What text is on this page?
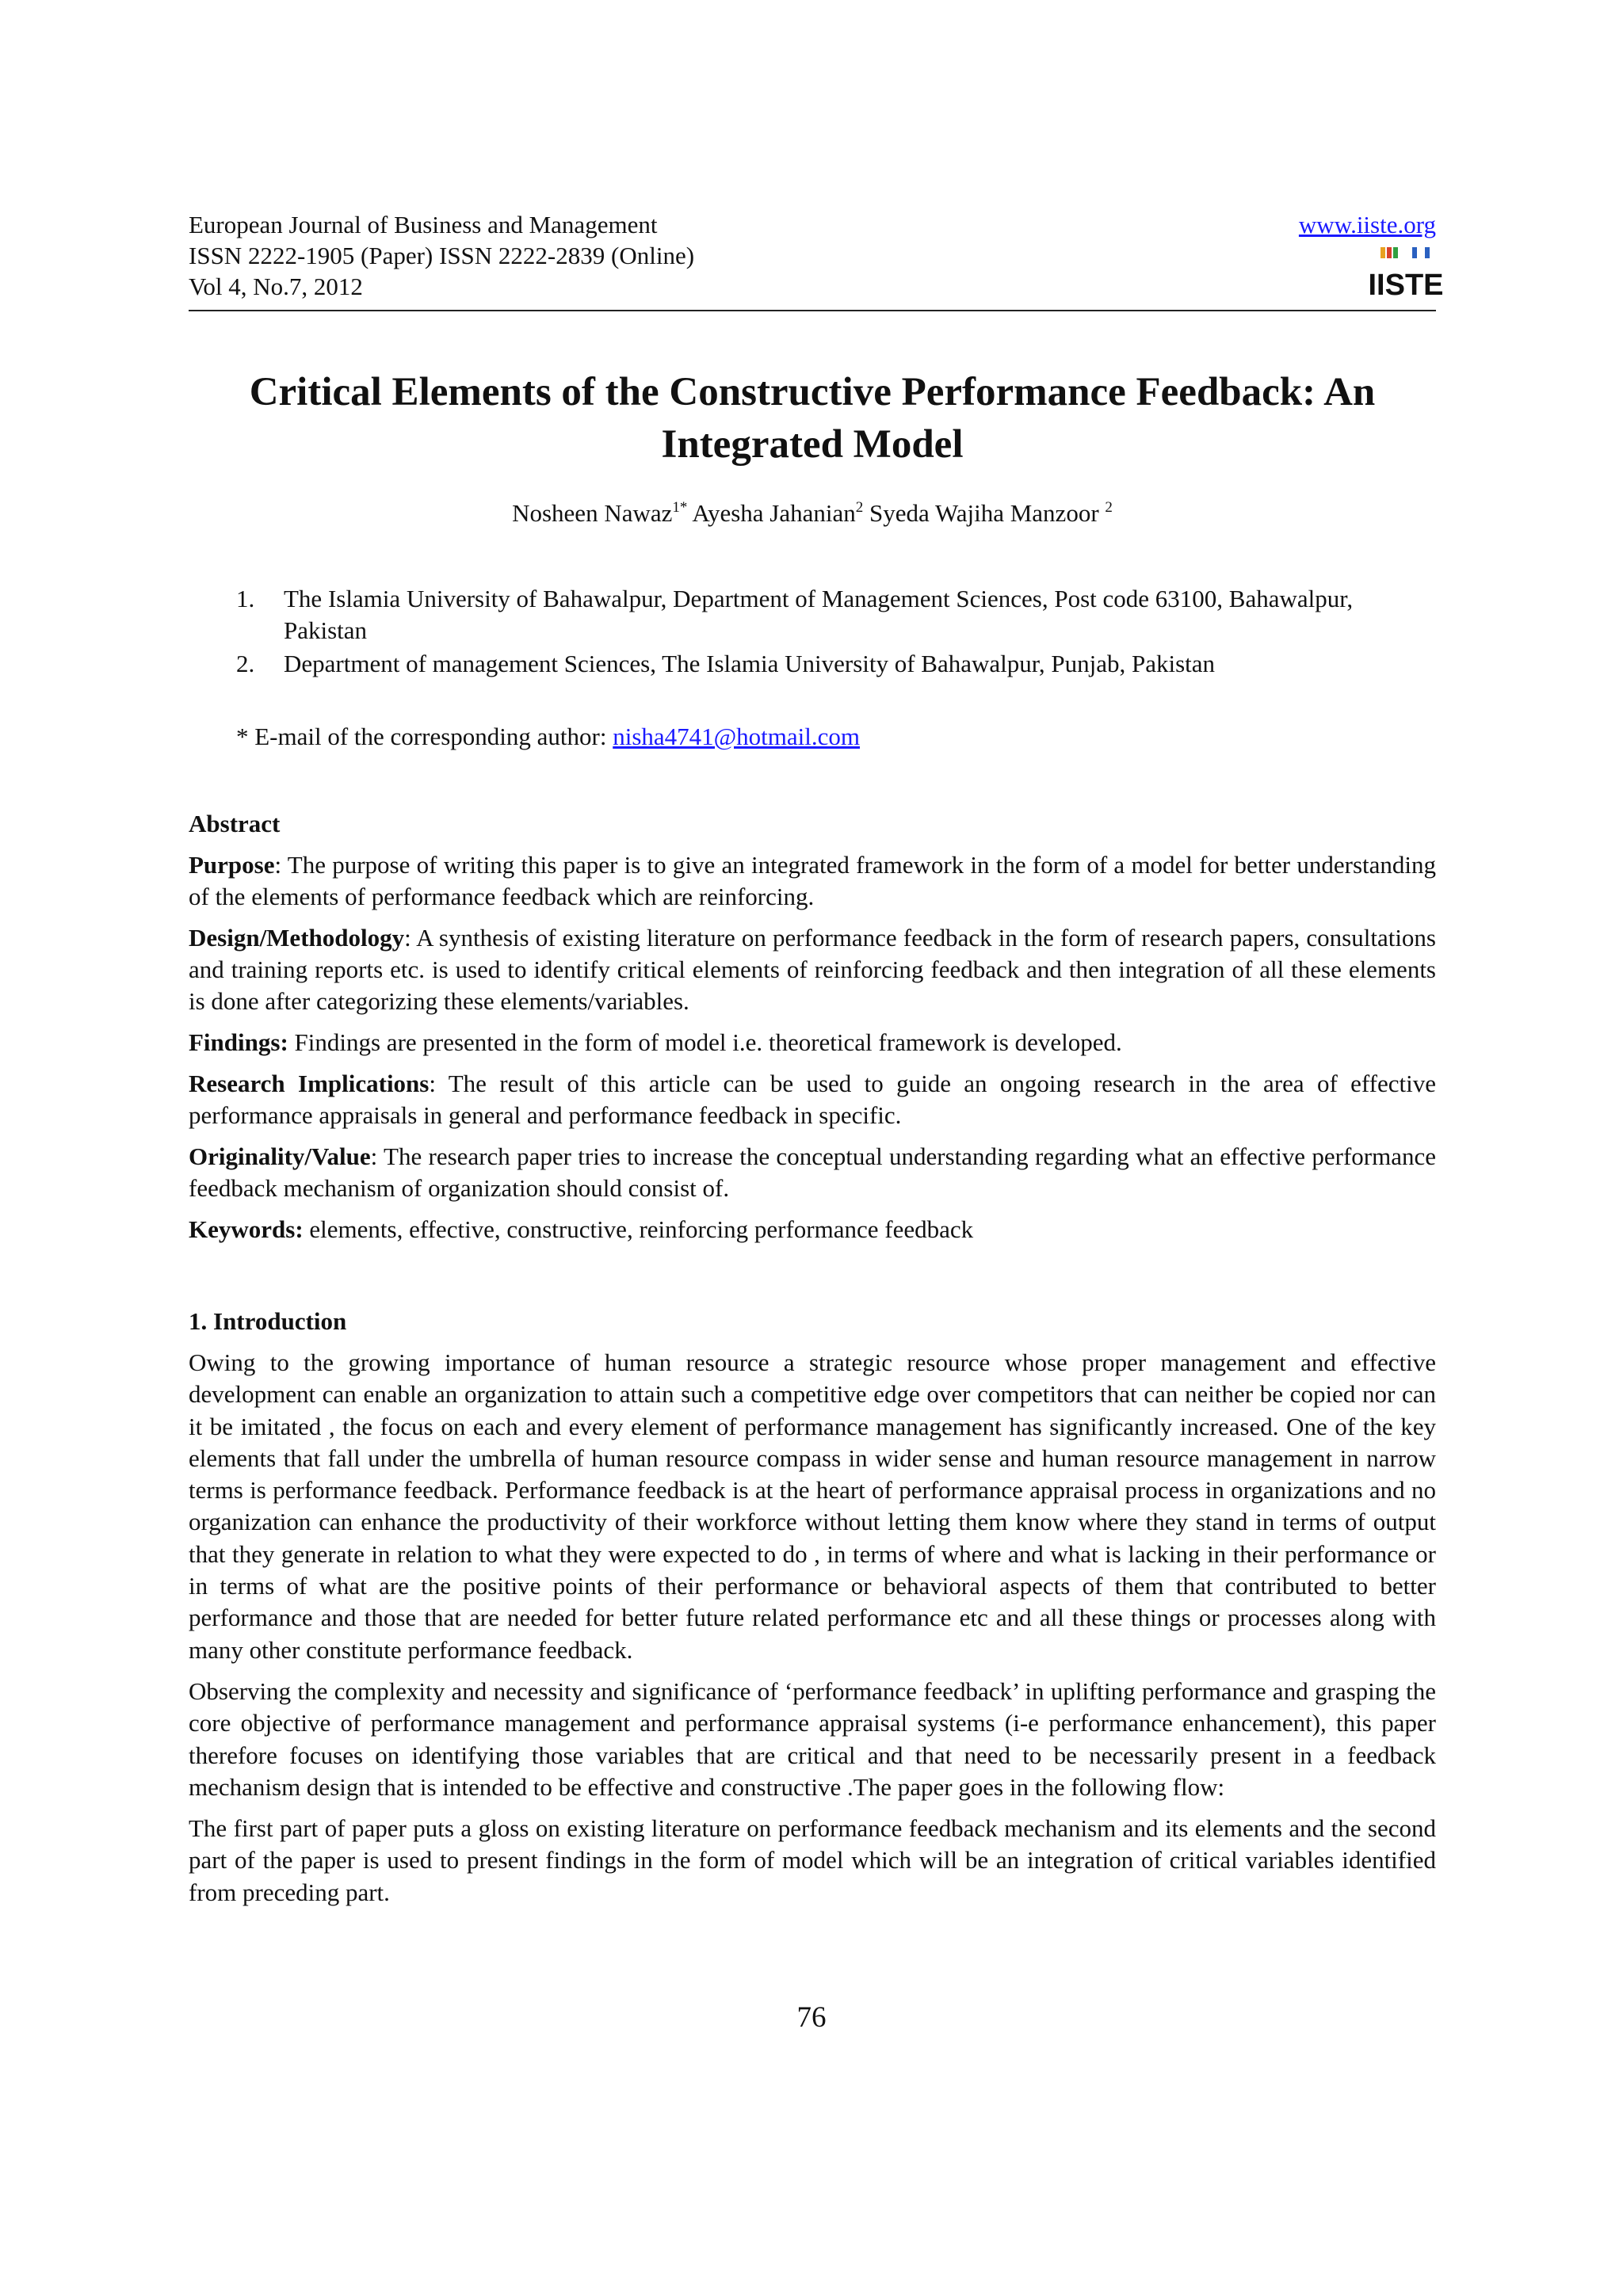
European Journal of Business and Management

ISSN 2222-1905 (Paper) ISSN 2222-2839 (Online)

Vol 4, No.7, 2012

www.iiste.org
IISTE
Critical Elements of the Constructive Performance Feedback: An Integrated Model
Nosheen Nawaz$^{1*}$ Ayesha Jahanian$^2$ Syeda Wajiha Manzoor $^2$
1. The Islamia University of Bahawalpur, Department of Management Sciences, Post code 63100, Bahawalpur, Pakistan
2. Department of management Sciences, The Islamia University of Bahawalpur, Punjab, Pakistan
* E-mail of the corresponding author: nisha4741@hotmail.com
Abstract

Purpose: The purpose of writing this paper is to give an integrated framework in the form of a model for better understanding of the elements of performance feedback which are reinforcing.

Design/Methodology: A synthesis of existing literature on performance feedback in the form of research papers, consultations and training reports etc. is used to identify critical elements of reinforcing feedback and then integration of all these elements is done after categorizing these elements/variables.

Findings: Findings are presented in the form of model i.e. theoretical framework is developed.

Research Implications: The result of this article can be used to guide an ongoing research in the area of effective performance appraisals in general and performance feedback in specific.

Originality/Value: The research paper tries to increase the conceptual understanding regarding what an effective performance feedback mechanism of organization should consist of.

Keywords: elements, effective, constructive, reinforcing performance feedback

1. Introduction

Owing to the growing importance of human resource a strategic resource whose proper management and effective development can enable an organization to attain such a competitive edge over competitors that can neither be copied nor can it be imitated , the focus on each and every element of performance management has significantly increased. One of the key elements that fall under the umbrella of human resource compass in wider sense and human resource management in narrow terms is performance feedback. Performance feedback is at the heart of performance appraisal process in organizations and no organization can enhance the productivity of their workforce without letting them know where they stand in terms of output that they generate in relation to what they were expected to do , in terms of where and what is lacking in their performance or in terms of what are the positive points of their performance or behavioral aspects of them that contributed to better performance and those that are needed for better future related performance etc and all these things or processes along with many other constitute performance feedback.

Observing the complexity and necessity and significance of ‘performance feedback’ in uplifting performance and grasping the core objective of performance management and performance appraisal systems (i-e performance enhancement), this paper therefore focuses on identifying those variables that are critical and that need to be necessarily present in a feedback mechanism design that is intended to be effective and constructive .The paper goes in the following flow:

The first part of paper puts a gloss on existing literature on performance feedback mechanism and its elements and the second part of the paper is used to present findings in the form of model which will be an integration of critical variables identified from preceding part.

76
